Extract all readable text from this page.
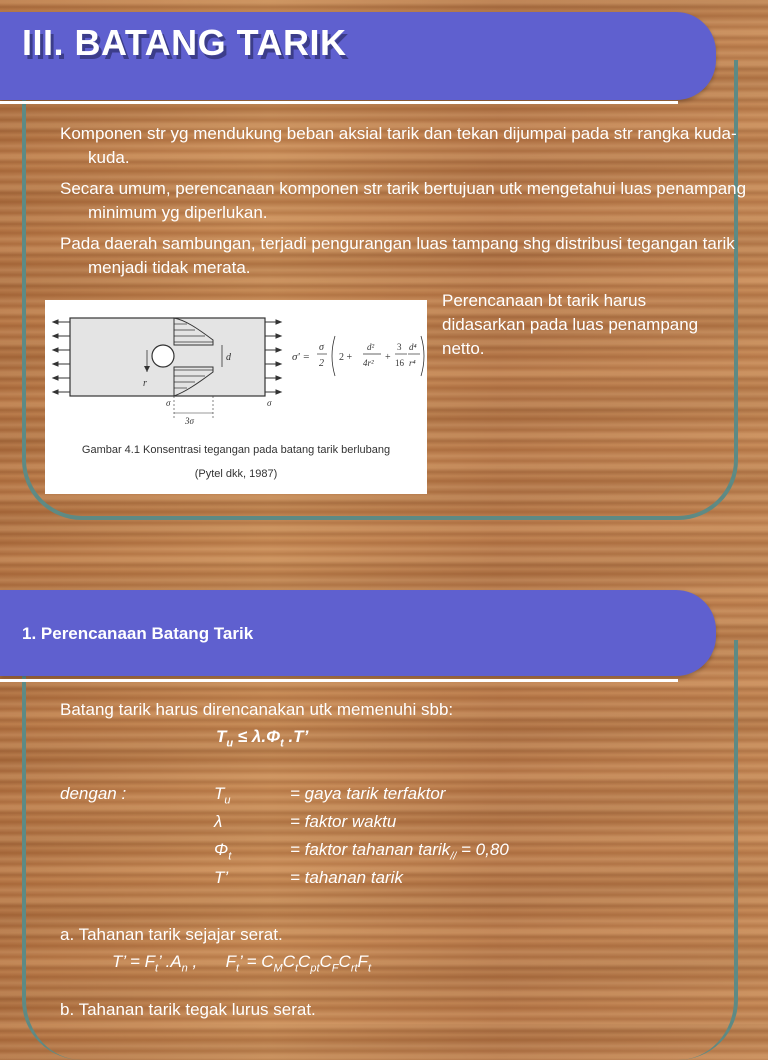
III. BATANG TARIK
Komponen str yg mendukung beban aksial tarik dan tekan dijumpai pada str rangka kuda-kuda.
Secara umum, perencanaan komponen str tarik bertujuan utk mengetahui luas penampang minimum yg diperlukan.
Pada daerah sambungan, terjadi pengurangan luas tampang shg distribusi tegangan tarik menjadi tidak merata.
d
r
σ
3σ
σ
σ' =
σ
2
2 +
d²
4r² +
3
16
d⁴
r⁴
Gambar 4.1 Konsentrasi tegangan pada batang tarik berlubang
(Pytel dkk, 1987)
Perencanaan bt tarik harus didasarkan pada luas penampang netto.
1. Perencanaan Batang Tarik
Batang tarik harus direncanakan utk memenuhi sbb:
$T_u \le \lambda.\Phi_t$ .T’
dengan :	$T_u$	= gaya tarik terfaktor
λ	= faktor waktu
$\Phi_t$	= faktor tahanan tarik$_{//}$ = 0,80
T’	= tahanan tarik
a. Tahanan tarik sejajar serat.
T’ = $F_t$’ $.A_n$ ,      $F_t$’ = $C_MC_tC_{pt}C_FC_{rt}F_t$
b. Tahanan tarik tegak lurus serat.
